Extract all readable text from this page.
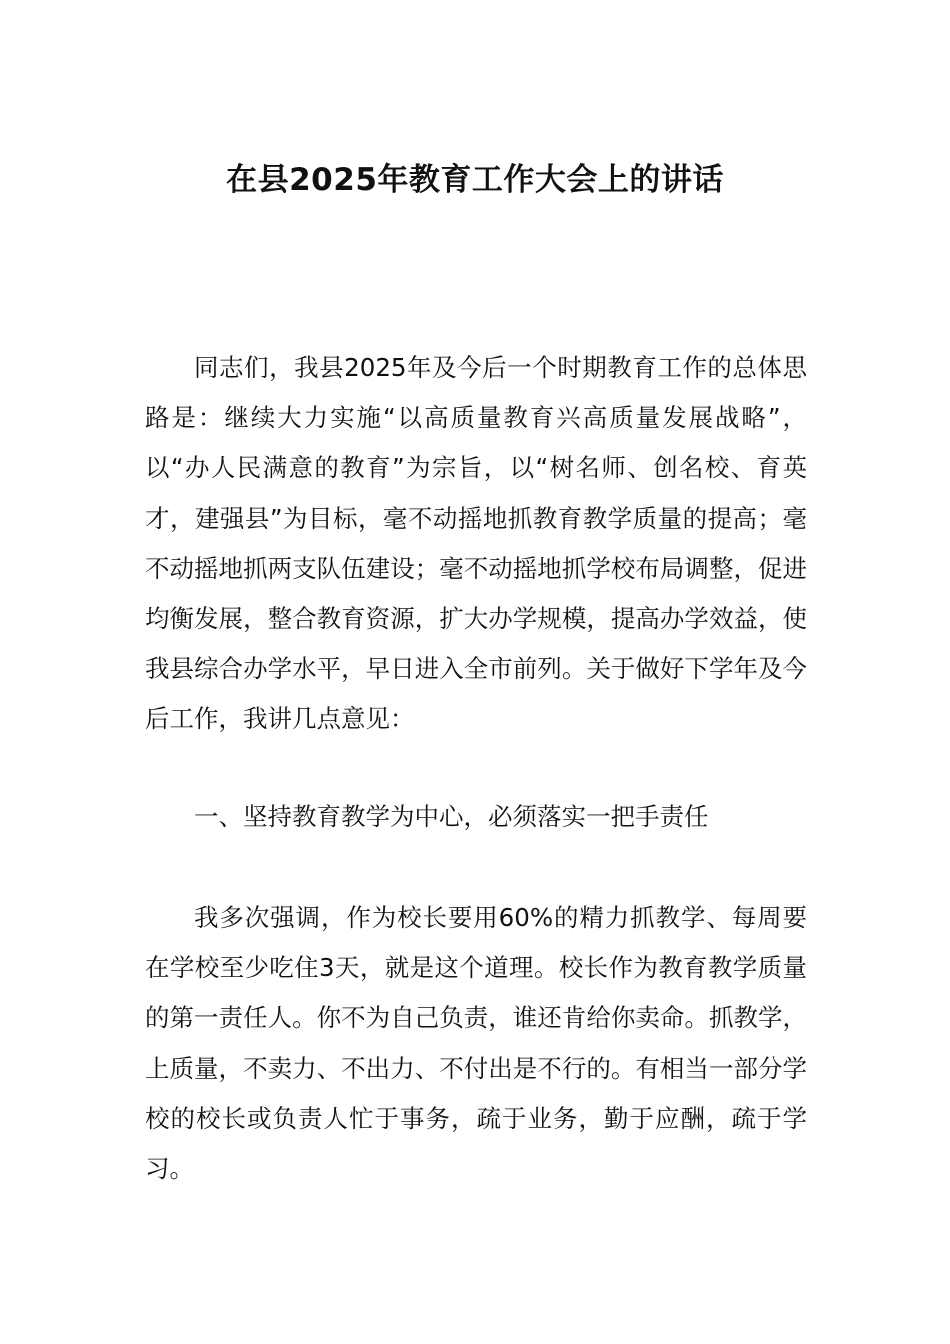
在县2025年教育工作大会上的讲话

同志们，我县2025年及今后一个时期教育工作的总体思路是：继续大力实施“以高质量教育兴高质量发展战略”，以“办人民满意的教育”为宗旨，以“树名师、创名校、育英才，建强县”为目标，毫不动摇地抓教育教学质量的提高；毫不动摇地抓两支队伍建设；毫不动摇地抓学校布局调整，促进均衡发展，整合教育资源，扩大办学规模，提高办学效益，使我县综合办学水平，早日进入全市前列。关于做好下学年及今后工作，我讲几点意见：

一、坚持教育教学为中心，必须落实一把手责任

我多次强调，作为校长要用60%的精力抓教学、每周要在学校至少吃住3天，就是这个道理。校长作为教育教学质量的第一责任人。你不为自己负责，谁还肯给你卖命。抓教学，上质量，不卖力、不出力、不付出是不行的。有相当一部分学校的校长或负责人忙于事务，疏于业务，勤于应酬，疏于学习。
